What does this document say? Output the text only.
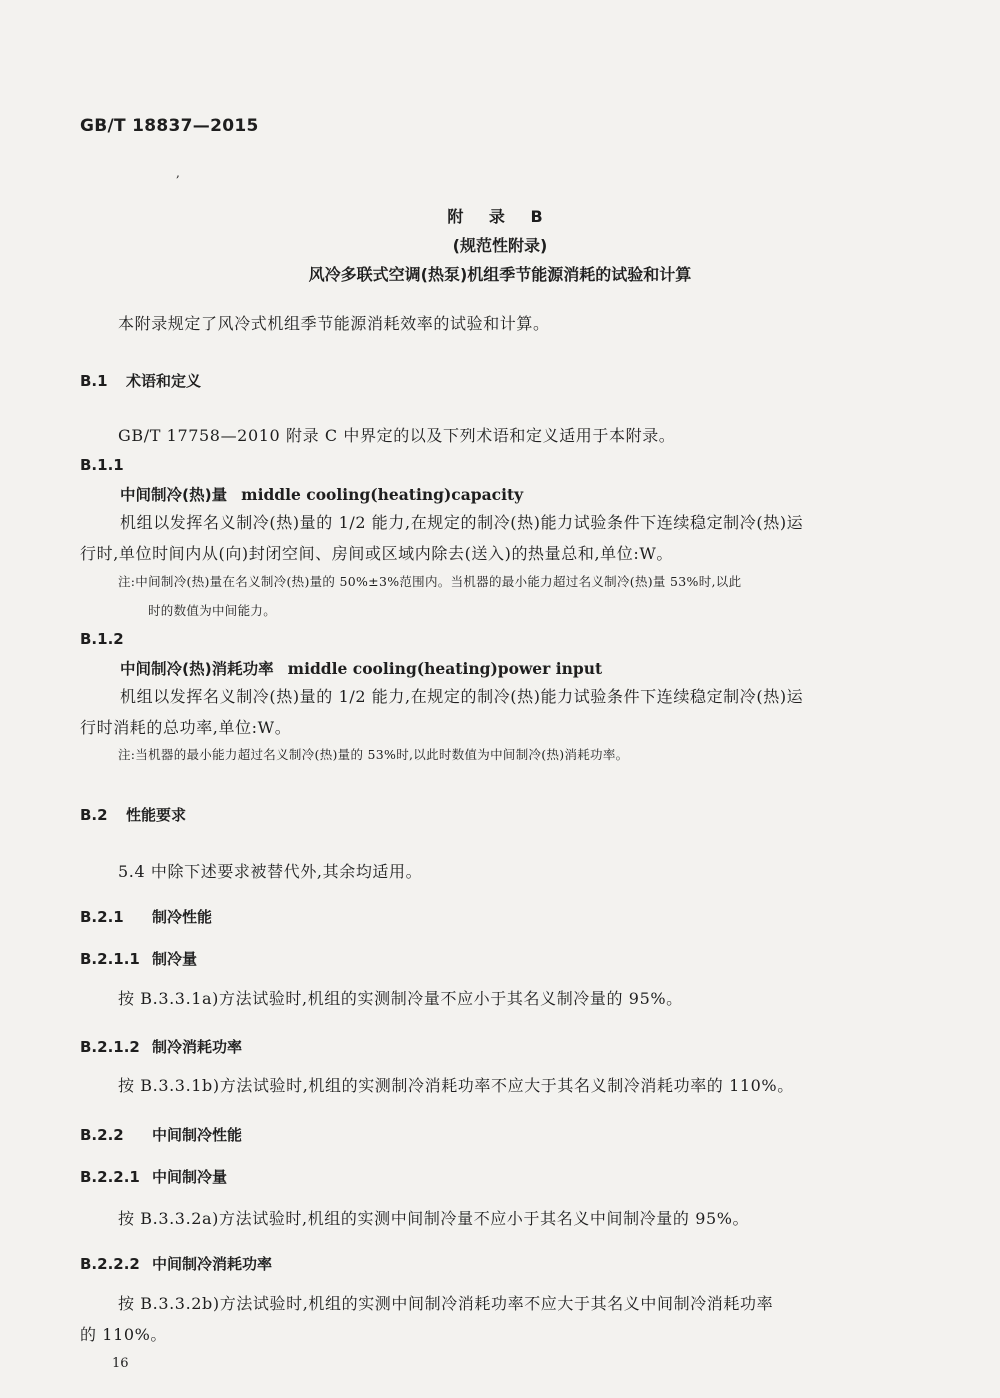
GB/T 18837—2015
,
附 录 B
(规范性附录)
风冷多联式空调(热泵)机组季节能源消耗的试验和计算
本附录规定了风冷式机组季节能源消耗效率的试验和计算。
B.1 术语和定义
GB/T 17758—2010 附录 C 中界定的以及下列术语和定义适用于本附录。
B.1.1
中间制冷(热)量 middle cooling(heating)capacity
机组以发挥名义制冷(热)量的 1/2 能力,在规定的制冷(热)能力试验条件下连续稳定制冷(热)运
行时,单位时间内从(向)封闭空间、房间或区域内除去(送入)的热量总和,单位:W。
注:中间制冷(热)量在名义制冷(热)量的 50%±3%范围内。当机器的最小能力超过名义制冷(热)量 53%时,以此
时的数值为中间能力。
B.1.2
中间制冷(热)消耗功率 middle cooling(heating)power input
机组以发挥名义制冷(热)量的 1/2 能力,在规定的制冷(热)能力试验条件下连续稳定制冷(热)运
行时消耗的总功率,单位:W。
注:当机器的最小能力超过名义制冷(热)量的 53%时,以此时数值为中间制冷(热)消耗功率。
B.2 性能要求
5.4 中除下述要求被替代外,其余均适用。
B.2.1 制冷性能
B.2.1.1 制冷量
按 B.3.3.1a)方法试验时,机组的实测制冷量不应小于其名义制冷量的 95%。
B.2.1.2 制冷消耗功率
按 B.3.3.1b)方法试验时,机组的实测制冷消耗功率不应大于其名义制冷消耗功率的 110%。
B.2.2 中间制冷性能
B.2.2.1 中间制冷量
按 B.3.3.2a)方法试验时,机组的实测中间制冷量不应小于其名义中间制冷量的 95%。
B.2.2.2 中间制冷消耗功率
按 B.3.3.2b)方法试验时,机组的实测中间制冷消耗功率不应大于其名义中间制冷消耗功率
的 110%。
16
